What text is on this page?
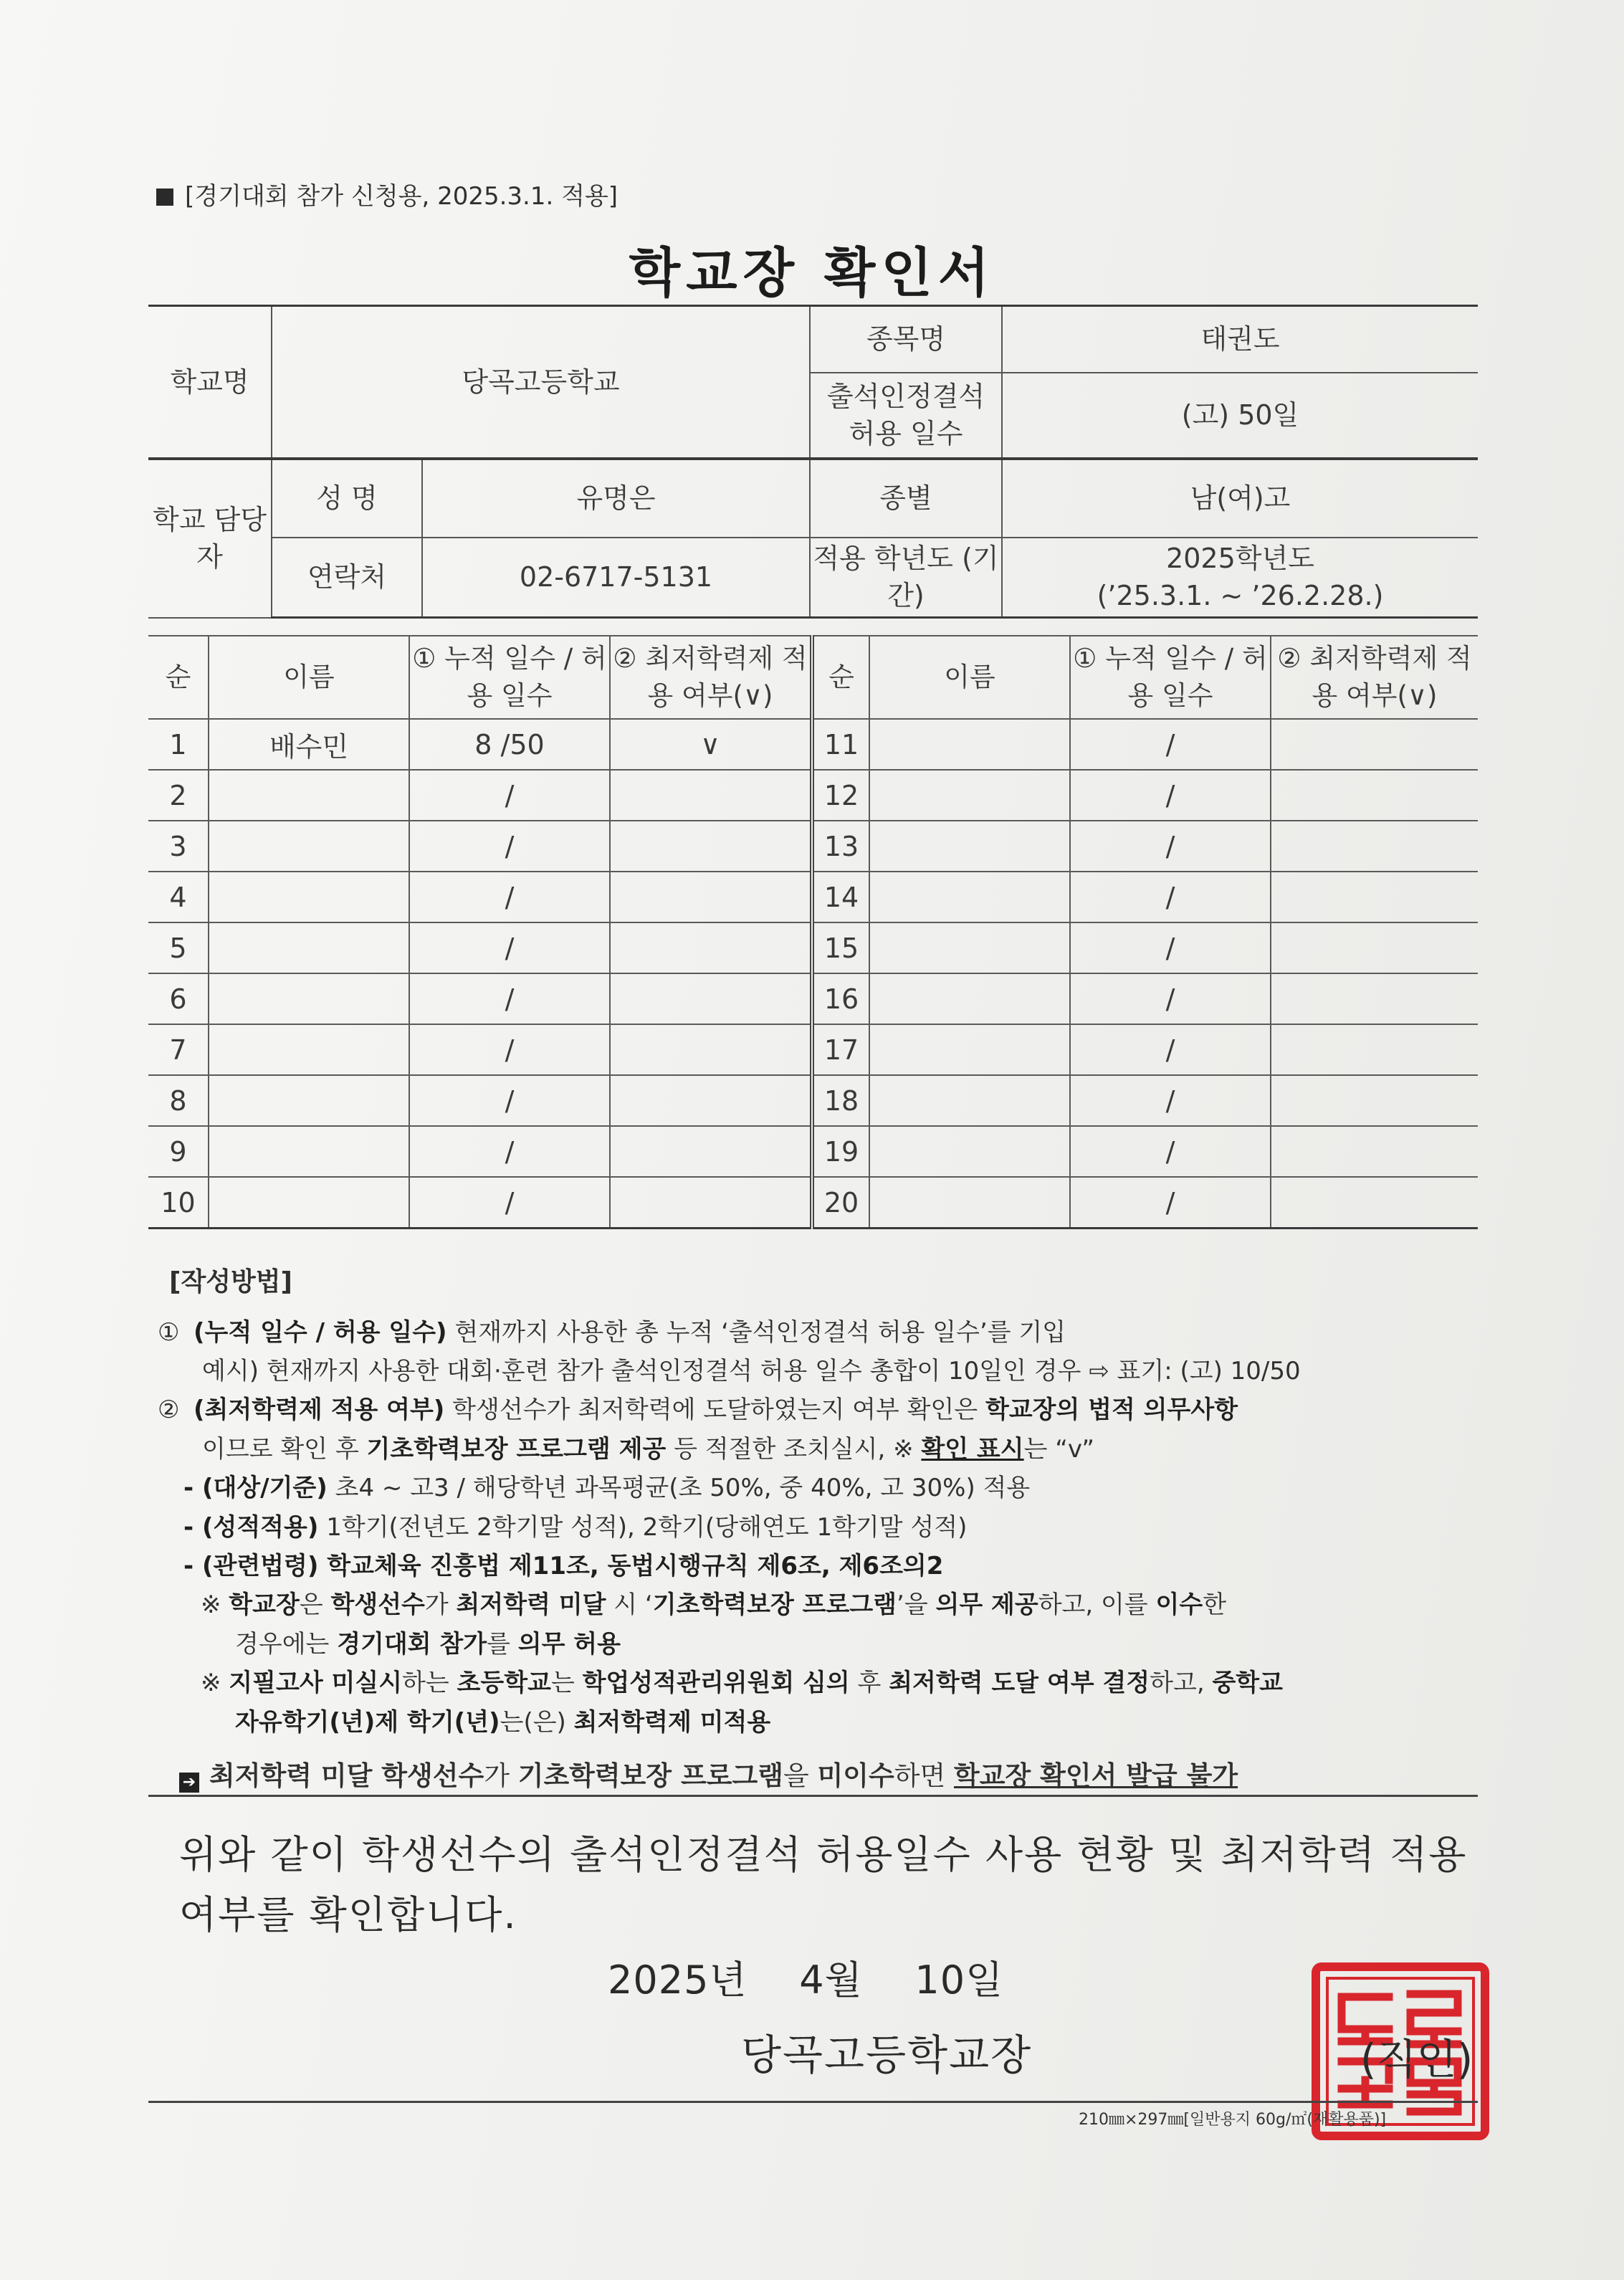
[경기대회 참가 신청용, 2025.3.1. 적용]
학교장 확인서
학교명	당곡고등학교		종목명	태권도
			출석인정결석 허용 일수	(고) 50일
학교 담당자	성 명	유명은	종별	남(여)고
	연락처	02-6717-5131	적용 학년도 (기간)	2025학년도
(’25.3.1. ~ ’26.2.28.)
순	이름	① 누적 일수 / 허용 일수	② 최저학력제 적용 여부(∨)	순	이름	① 누적 일수 / 허용 일수	② 최저학력제 적용 여부(∨)
1	배수민	8 /50	∨	11		/	
2		/		12		/	
3		/		13		/	
4		/		14		/	
5		/		15		/	
6		/		16		/	
7		/		17		/	
8		/		18		/	
9		/		19		/	
10		/		20		/	
[작성방법]
① (누적 일수 / 허용 일수) 현재까지 사용한 총 누적 ‘출석인정결석 허용 일수’를 기입
예시) 현재까지 사용한 대회·훈련 참가 출석인정결석 허용 일수 총합이 10일인 경우 ⇨ 표기: (고) 10/50
② (최저학력제 적용 여부) 학생선수가 최저학력에 도달하였는지 여부 확인은 학교장의 법적 의무사항
이므로 확인 후 기초학력보장 프로그램 제공 등 적절한 조치실시, ※ 확인 표시는 “v”
- (대상/기준) 초4 ~ 고3 / 해당학년 과목평균(초 50%, 중 40%, 고 30%) 적용
- (성적적용) 1학기(전년도 2학기말 성적), 2학기(당해연도 1학기말 성적)
- (관련법령) 학교체육 진흥법 제11조, 동법시행규칙 제6조, 제6조의2
※ 학교장은 학생선수가 최저학력 미달 시 ‘기초학력보장 프로그램’을 의무 제공하고, 이를 이수한
경우에는 경기대회 참가를 의무 허용
※ 지필고사 미실시하는 초등학교는 학업성적관리위원회 심의 후 최저학력 도달 여부 결정하고, 중학교
자유학기(년)제 학기(년)는(은) 최저학력제 미적용
➔ 최저학력 미달 학생선수가 기초학력보장 프로그램을 미이수하면 학교장 확인서 발급 불가
위와 같이 학생선수의 출석인정결석 허용일수 사용 현황 및 최저학력 적용 여부를 확인합니다.
2025년    4월    10일
당곡고등학교장	(직인)
210㎜×297㎜[일반용지 60g/㎡(재활용품)]
